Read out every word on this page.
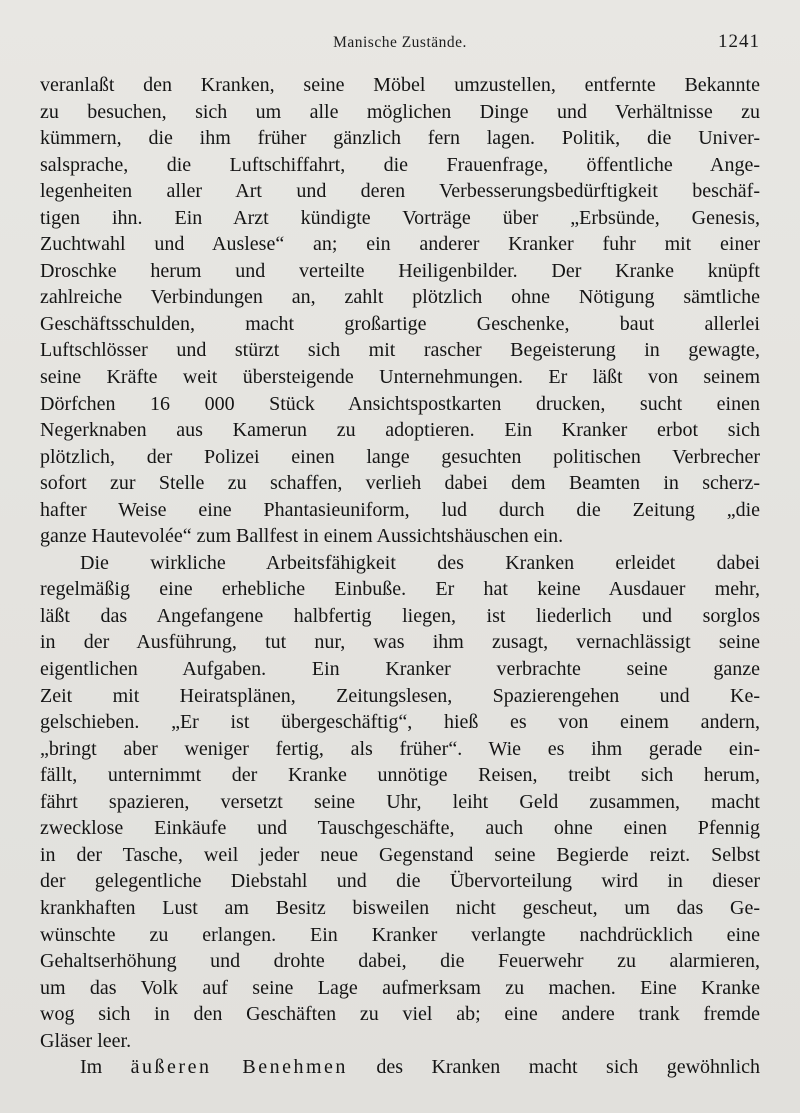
Manische Zustände.	1241
veranlaßt den Kranken, seine Möbel umzustellen, entfernte Bekannte
zu besuchen, sich um alle möglichen Dinge und Verhältnisse zu
kümmern, die ihm früher gänzlich fern lagen. Politik, die Univer-
salsprache, die Luftschiffahrt, die Frauenfrage, öffentliche Ange-
legenheiten aller Art und deren Verbesserungsbedürftigkeit beschäf-
tigen ihn. Ein Arzt kündigte Vorträge über „Erbsünde, Genesis,
Zuchtwahl und Auslese“ an; ein anderer Kranker fuhr mit einer
Droschke herum und verteilte Heiligenbilder. Der Kranke knüpft
zahlreiche Verbindungen an, zahlt plötzlich ohne Nötigung sämtliche
Geschäftsschulden, macht großartige Geschenke, baut allerlei
Luftschlösser und stürzt sich mit rascher Begeisterung in gewagte,
seine Kräfte weit übersteigende Unternehmungen. Er läßt von seinem
Dörfchen 16 000 Stück Ansichtspostkarten drucken, sucht einen
Negerknaben aus Kamerun zu adoptieren. Ein Kranker erbot sich
plötzlich, der Polizei einen lange gesuchten politischen Verbrecher
sofort zur Stelle zu schaffen, verlieh dabei dem Beamten in scherz-
hafter Weise eine Phantasieuniform, lud durch die Zeitung „die
ganze Hautevolée“ zum Ballfest in einem Aussichtshäuschen ein.
Die wirkliche Arbeitsfähigkeit des Kranken erleidet dabei
regelmäßig eine erhebliche Einbuße. Er hat keine Ausdauer mehr,
läßt das Angefangene halbfertig liegen, ist liederlich und sorglos
in der Ausführung, tut nur, was ihm zusagt, vernachlässigt seine
eigentlichen Aufgaben. Ein Kranker verbrachte seine ganze
Zeit mit Heiratsplänen, Zeitungslesen, Spazierengehen und Ke-
gelschieben. „Er ist übergeschäftig“, hieß es von einem andern,
„bringt aber weniger fertig, als früher“. Wie es ihm gerade ein-
fällt, unternimmt der Kranke unnötige Reisen, treibt sich herum,
fährt spazieren, versetzt seine Uhr, leiht Geld zusammen, macht
zwecklose Einkäufe und Tauschgeschäfte, auch ohne einen Pfennig
in der Tasche, weil jeder neue Gegenstand seine Begierde reizt. Selbst
der gelegentliche Diebstahl und die Übervorteilung wird in dieser
krankhaften Lust am Besitz bisweilen nicht gescheut, um das Ge-
wünschte zu erlangen. Ein Kranker verlangte nachdrücklich eine
Gehaltserhöhung und drohte dabei, die Feuerwehr zu alarmieren,
um das Volk auf seine Lage aufmerksam zu machen. Eine Kranke
wog sich in den Geschäften zu viel ab; eine andere trank fremde
Gläser leer.
Im äußeren Benehmen des Kranken macht sich gewöhnlich
